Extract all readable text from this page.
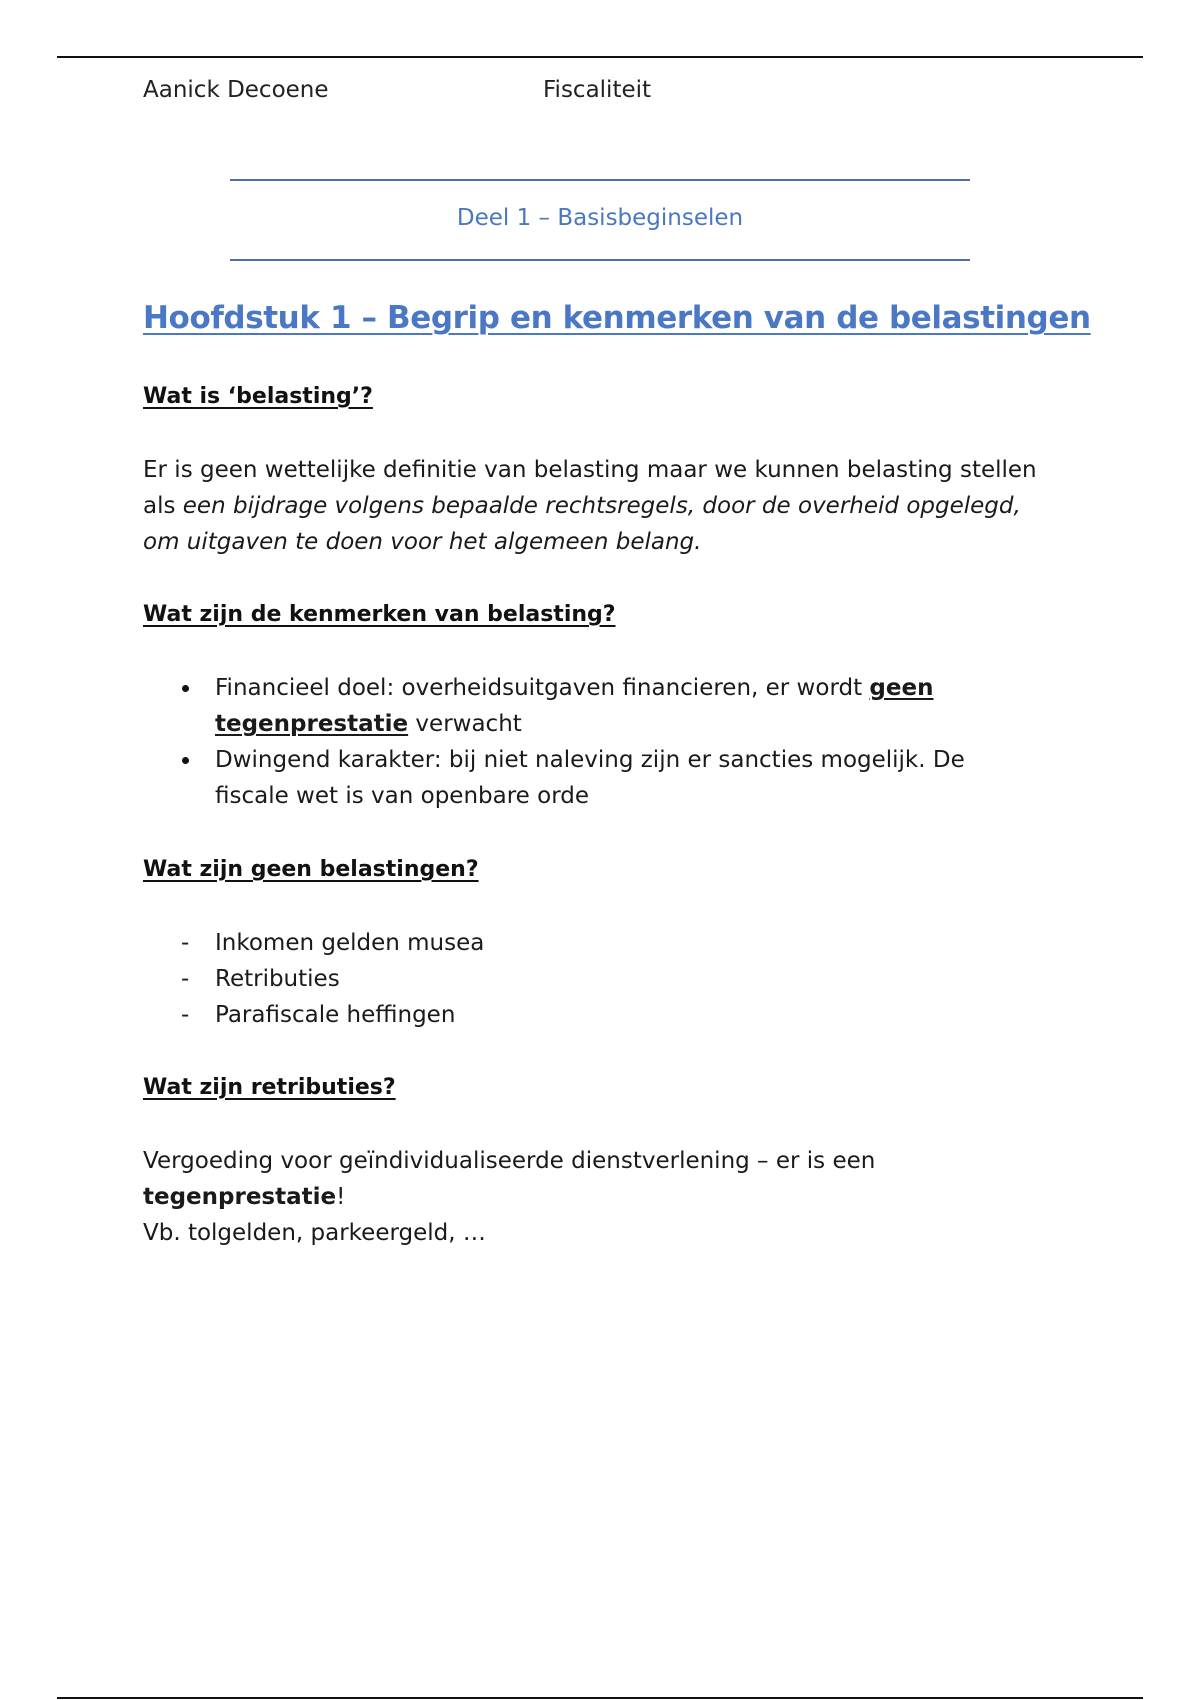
Aanick Decoene	Fiscaliteit
Deel 1 – Basisbeginselen
Hoofdstuk 1 – Begrip en kenmerken van de belastingen
Wat is ‘belasting’?

Er is geen wettelijke definitie van belasting maar we kunnen belasting stellen als een bijdrage volgens bepaalde rechtsregels, door de overheid opgelegd, om uitgaven te doen voor het algemeen belang.

Wat zijn de kenmerken van belasting?
Financieel doel: overheidsuitgaven financieren, er wordt geen tegenprestatie verwacht
Dwingend karakter: bij niet naleving zijn er sancties mogelijk. De fiscale wet is van openbare orde
Wat zijn geen belastingen?
- Inkomen gelden musea
- Retributies
- Parafiscale heffingen
Wat zijn retributies?

Vergoeding voor geïndividualiseerde dienstverlening – er is een tegenprestatie!
Vb. tolgelden, parkeergeld, …
